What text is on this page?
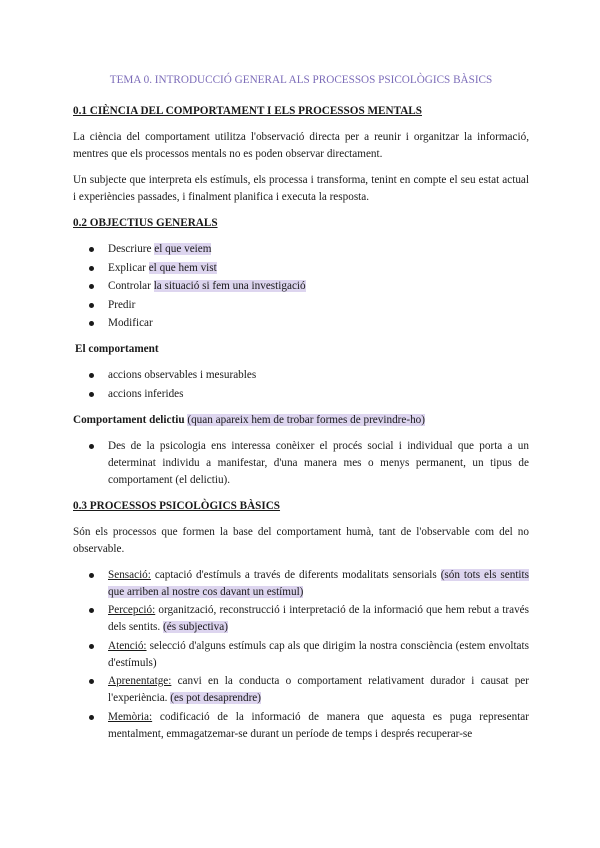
TEMA 0. INTRODUCCIÓ GENERAL ALS PROCESSOS PSICOLÒGICS BÀSICS
0.1 CIÈNCIA DEL COMPORTAMENT I ELS PROCESSOS MENTALS

La ciència del comportament utilitza l'observació directa per a reunir i organitzar la informació, mentres que els processos mentals no es poden observar directament.

Un subjecte que interpreta els estímuls, els processa i transforma, tenint en compte el seu estat actual i experiències passades, i finalment planifica i executa la resposta.

0.2 OBJECTIUS GENERALS
Descriure el que veiem
Explicar el que hem vist
Controlar la situació si fem una investigació
Predir
Modificar
El comportament
accions observables i mesurables
accions inferides
Comportament delictiu (quan apareix hem de trobar formes de previndre-ho)
Des de la psicologia ens interessa conèixer el procés social i individual que porta a un determinat individu a manifestar, d'una manera mes o menys permanent, un tipus de comportament (el delictiu).
0.3 PROCESSOS PSICOLÒGICS BÀSICS

Són els processos que formen la base del comportament humà, tant de l'observable com del no observable.

Sensació: captació d'estímuls a través de diferents modalitats sensorials (són tots els sentits que arriben al nostre cos davant un estímul)
Percepció: organització, reconstrucció i interpretació de la informació que hem rebut a través dels sentits. (és subjectiva)
Atenció: selecció d'alguns estímuls cap als que dirigim la nostra consciència (estem envoltats d'estímuls)
Aprenentatge: canvi en la conducta o comportament relativament durador i causat per l'experiència. (es pot desaprendre)
Memòria: codificació de la informació de manera que aquesta es puga representar mentalment, emmagatzemar-se durant un període de temps i després recuperar-se
